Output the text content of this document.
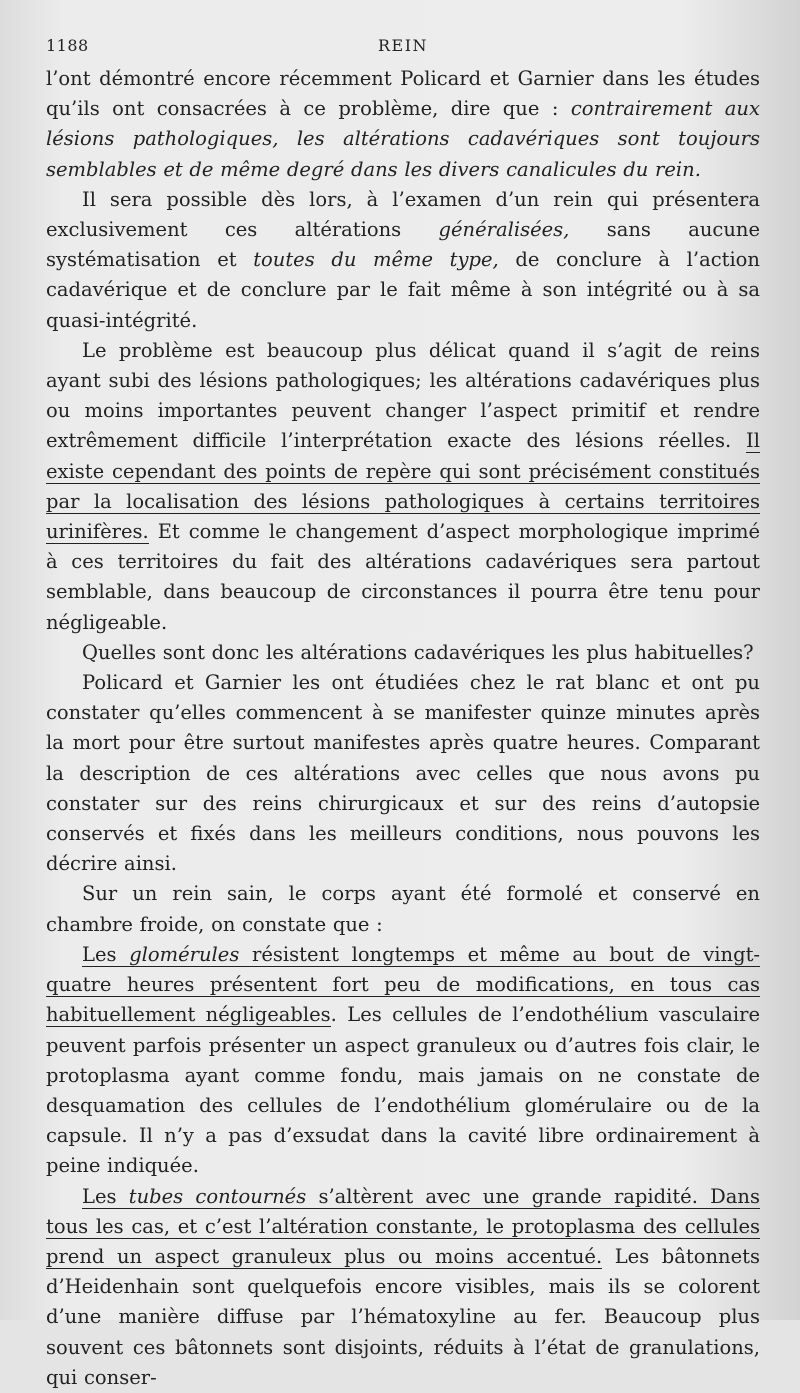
1188	REIN

l’ont démontré encore récemment Policard et Garnier dans les études qu’ils ont consacrées à ce problème, dire que : contrairement aux lésions pathologiques, les altérations cadavériques sont toujours semblables et de même degré dans les divers canalicules du rein.

Il sera possible dès lors, à l’examen d’un rein qui présentera exclusivement ces altérations généralisées, sans aucune systématisation et toutes du même type, de conclure à l’action cadavérique et de conclure par le fait même à son intégrité ou à sa quasi-intégrité.

Le problème est beaucoup plus délicat quand il s’agit de reins ayant subi des lésions pathologiques; les altérations cadavériques plus ou moins importantes peuvent changer l’aspect primitif et rendre extrêmement difficile l’interprétation exacte des lésions réelles. Il existe cependant des points de repère qui sont précisément constitués par la localisation des lésions pathologiques à certains territoires urinifères. Et comme le changement d’aspect morphologique imprimé à ces territoires du fait des altérations cadavériques sera partout semblable, dans beaucoup de circonstances il pourra être tenu pour négligeable.

Quelles sont donc les altérations cadavériques les plus habituelles?

Policard et Garnier les ont étudiées chez le rat blanc et ont pu constater qu’elles commencent à se manifester quinze minutes après la mort pour être surtout manifestes après quatre heures. Comparant la description de ces altérations avec celles que nous avons pu constater sur des reins chirurgicaux et sur des reins d’autopsie conservés et fixés dans les meilleurs conditions, nous pouvons les décrire ainsi.

Sur un rein sain, le corps ayant été formolé et conservé en chambre froide, on constate que :

Les glomérules résistent longtemps et même au bout de vingt-quatre heures présentent fort peu de modifications, en tous cas habituellement négligeables. Les cellules de l’endothélium vasculaire peuvent parfois présenter un aspect granuleux ou d’autres fois clair, le protoplasma ayant comme fondu, mais jamais on ne constate de desquamation des cellules de l’endothélium glomérulaire ou de la capsule. Il n’y a pas d’exsudat dans la cavité libre ordinairement à peine indiquée.

Les tubes contournés s’altèrent avec une grande rapidité. Dans tous les cas, et c’est l’altération constante, le protoplasma des cellules prend un aspect granuleux plus ou moins accentué. Les bâtonnets d’Heidenhain sont quelquefois encore visibles, mais ils se colorent d’une manière diffuse par l’hématoxyline au fer. Beaucoup plus souvent ces bâtonnets sont disjoints, réduits à l’état de granulations, qui conser-
